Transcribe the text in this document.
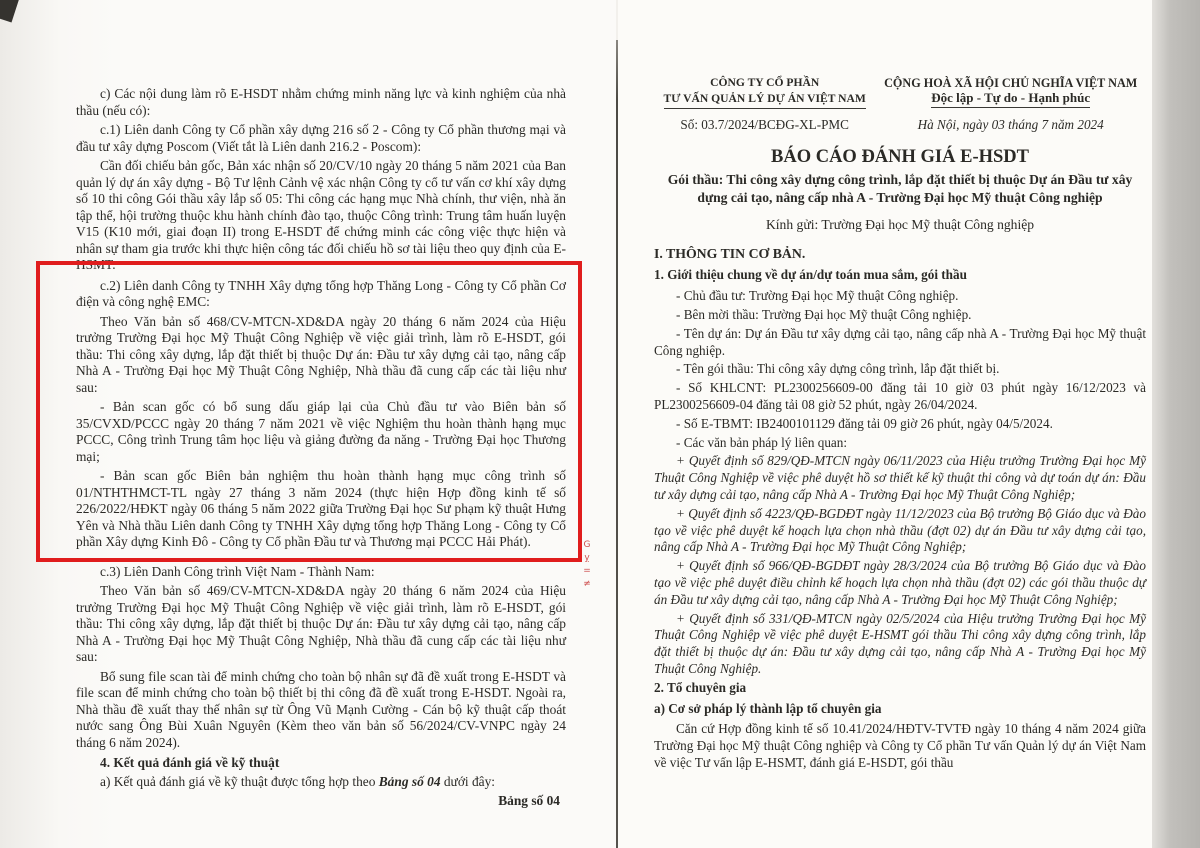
c) Các nội dung làm rõ E-HSDT nhằm chứng minh năng lực và kinh nghiệm của nhà thầu (nếu có):

c.1) Liên danh Công ty Cổ phần xây dựng 216 số 2 - Công ty Cổ phần thương mại và đầu tư xây dựng Poscom (Viết tắt là Liên danh 216.2 - Poscom):

Cần đối chiếu bản gốc, Bản xác nhận số 20/CV/10 ngày 20 tháng 5 năm 2021 của Ban quản lý dự án xây dựng - Bộ Tư lệnh Cảnh vệ xác nhận Công ty cổ tư vấn cơ khí xây dựng số 10 thi công Gói thầu xây lắp số 05: Thi công các hạng mục Nhà chính, thư viện, nhà ăn tập thể, hội trường thuộc khu hành chính đào tạo, thuộc Công trình: Trung tâm huấn luyện V15 (K10 mới, giai đoạn II) trong E-HSDT để chứng minh các công việc thực hiện và nhân sự tham gia trước khi thực hiện công tác đối chiếu hồ sơ tài liệu theo quy định của E-HSMT.

c.2) Liên danh Công ty TNHH Xây dựng tổng hợp Thăng Long - Công ty Cổ phần Cơ điện và công nghệ EMC:

Theo Văn bản số 468/CV-MTCN-XD&DA ngày 20 tháng 6 năm 2024 của Hiệu trưởng Trường Đại học Mỹ Thuật Công Nghiệp về việc giải trình, làm rõ E-HSDT, gói thầu: Thi công xây dựng, lắp đặt thiết bị thuộc Dự án: Đầu tư xây dựng cải tạo, nâng cấp Nhà A - Trường Đại học Mỹ Thuật Công Nghiệp, Nhà thầu đã cung cấp các tài liệu như sau:

- Bản scan gốc có bổ sung dấu giáp lại của Chủ đầu tư vào Biên bản số 35/CVXD/PCCC ngày 20 tháng 7 năm 2021 về việc Nghiệm thu hoàn thành hạng mục PCCC, Công trình Trung tâm học liệu và giảng đường đa năng - Trường Đại học Thương mại;

- Bản scan gốc Biên bản nghiệm thu hoàn thành hạng mục công trình số 01/NTHTHMCT-TL ngày 27 tháng 3 năm 2024 (thực hiện Hợp đồng kinh tế số 226/2022/HĐKT ngày 06 tháng 5 năm 2022 giữa Trường Đại học Sư phạm kỹ thuật Hưng Yên và Nhà thầu Liên danh Công ty TNHH Xây dựng tổng hợp Thăng Long - Công ty Cổ phần Xây dựng Kinh Đô - Công ty Cổ phần Đầu tư và Thương mại PCCC Hải Phát).	Gỵ=≠

c.3) Liên Danh Công trình Việt Nam - Thành Nam:

Theo Văn bản số 469/CV-MTCN-XD&DA ngày 20 tháng 6 năm 2024 của Hiệu trưởng Trường Đại học Mỹ Thuật Công Nghiệp về việc giải trình, làm rõ E-HSDT, gói thầu: Thi công xây dựng, lắp đặt thiết bị thuộc Dự án: Đầu tư xây dựng cải tạo, nâng cấp Nhà A - Trường Đại học Mỹ Thuật Công Nghiệp, Nhà thầu đã cung cấp các tài liệu như sau:

Bổ sung file scan tài để minh chứng cho toàn bộ nhân sự đã đề xuất trong E-HSDT và file scan để minh chứng cho toàn bộ thiết bị thi công đã đề xuất trong E-HSDT. Ngoài ra, Nhà thầu đề xuất thay thế nhân sự từ Ông Vũ Mạnh Cường - Cán bộ kỹ thuật cấp thoát nước sang Ông Bùi Xuân Nguyên (Kèm theo văn bản số 56/2024/CV-VNPC ngày 24 tháng 6 năm 2024).

4. Kết quả đánh giá về kỹ thuật

a) Kết quả đánh giá về kỹ thuật được tổng hợp theo Bảng số 04 dưới đây:

Bảng số 04

CÔNG TY CỔ PHẦN
TƯ VẤN QUẢN LÝ DỰ ÁN VIỆT NAM
CỘNG HOÀ XÃ HỘI CHỦ NGHĨA VIỆT NAM
Độc lập - Tự do - Hạnh phúc
Số: 03.7/2024/BCĐG-XL-PMC	Hà Nội, ngày 03 tháng 7 năm 2024

BÁO CÁO ĐÁNH GIÁ E-HSDT

Gói thầu: Thi công xây dựng công trình, lắp đặt thiết bị thuộc Dự án Đầu tư xây dựng cải tạo, nâng cấp nhà A - Trường Đại học Mỹ thuật Công nghiệp

Kính gửi: Trường Đại học Mỹ thuật Công nghiệp

I. THÔNG TIN CƠ BẢN.

1. Giới thiệu chung về dự án/dự toán mua sắm, gói thầu

- Chủ đầu tư: Trường Đại học Mỹ thuật Công nghiệp.

- Bên mời thầu: Trường Đại học Mỹ thuật Công nghiệp.

- Tên dự án: Dự án Đầu tư xây dựng cải tạo, nâng cấp nhà A - Trường Đại học Mỹ thuật Công nghiệp.

- Tên gói thầu: Thi công xây dựng công trình, lắp đặt thiết bị.

- Số KHLCNT: PL2300256609-00 đăng tải 10 giờ 03 phút ngày 16/12/2023 và PL2300256609-04 đăng tải 08 giờ 52 phút, ngày 26/04/2024.

- Số E-TBMT: IB2400101129 đăng tải 09 giờ 26 phút, ngày 04/5/2024.

- Các văn bản pháp lý liên quan:

+ Quyết định số 829/QĐ-MTCN ngày 06/11/2023 của Hiệu trưởng Trường Đại học Mỹ Thuật Công Nghiệp về việc phê duyệt hồ sơ thiết kế kỹ thuật thi công và dự toán dự án: Đầu tư xây dựng cải tạo, nâng cấp Nhà A - Trường Đại học Mỹ Thuật Công Nghiệp;

+ Quyết định số 4223/QĐ-BGDĐT ngày 11/12/2023 của Bộ trưởng Bộ Giáo dục và Đào tạo về việc phê duyệt kế hoạch lựa chọn nhà thầu (đợt 02) dự án Đầu tư xây dựng cải tạo, nâng cấp Nhà A - Trường Đại học Mỹ Thuật Công Nghiệp;

+ Quyết định số 966/QĐ-BGDĐT ngày 28/3/2024 của Bộ trưởng Bộ Giáo dục và Đào tạo về việc phê duyệt điều chỉnh kế hoạch lựa chọn nhà thầu (đợt 02) các gói thầu thuộc dự án Đầu tư xây dựng cải tạo, nâng cấp Nhà A - Trường Đại học Mỹ Thuật Công Nghiệp;

+ Quyết định số 331/QĐ-MTCN ngày 02/5/2024 của Hiệu trưởng Trường Đại học Mỹ Thuật Công Nghiệp về việc phê duyệt E-HSMT gói thầu Thi công xây dựng công trình, lắp đặt thiết bị thuộc dự án: Đầu tư xây dựng cải tạo, nâng cấp Nhà A - Trường Đại học Mỹ Thuật Công Nghiệp.

2. Tổ chuyên gia

a) Cơ sở pháp lý thành lập tổ chuyên gia

Căn cứ Hợp đồng kinh tế số 10.41/2024/HĐTV-TVTĐ ngày 10 tháng 4 năm 2024 giữa Trường Đại học Mỹ thuật Công nghiệp và Công ty Cổ phần Tư vấn Quản lý dự án Việt Nam về việc Tư vấn lập E-HSMT, đánh giá E-HSDT, gói thầu
